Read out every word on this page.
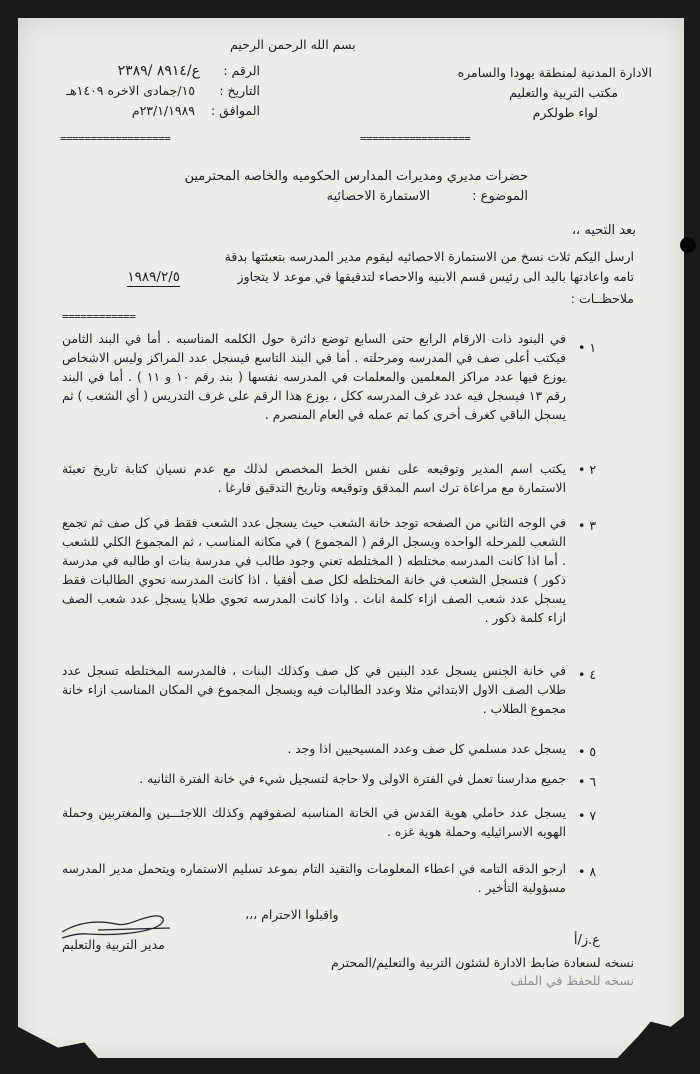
بسم الله الرحمن الرحيم
الادارة المدنية لمنطقة يهودا والسامره
مكتب التربية والتعليم
لواء طولكرم
الرقم :
ع/٨٩١٤ /٢٣٨٩
التاريخ :
١٥/جمادى الاخره ١٤٠٩هـ
الموافق :
٢٣/١/١٩٨٩م
==================	==================
حضرات مديري ومديرات المدارس الحكوميه والخاصه المحترمين
الموضوع :
الاستمارة الاحصائيه
بعد التحيه ،،
ارسل اليكم ثلاث نسخ من الاستمارة الاحصائيه ليقوم مدير المدرسه بتعبئتها بدقة
تامه واعادتها باليد الى رئيس قسم الابنيه والاحصاء لتدقيقها في موعد لا يتجاوز
١٩٨٩/٢/٥
ملاحظــات :
============
١ •
في البنود ذات الارقام الرابع حتى السابع توضع دائرة حول الكلمه المناسبه . أما في البند الثامن فيكتب أعلى صف في المدرسه ومرحلته . أما في البند التاسع فيسجل عدد المراكز وليس الاشخاص يوزع فيها عدد مراكز المعلمين والمعلمات في المدرسه نفسها ( بند رقم ١٠ و ١١ ) . أما في البند رقم ١٣ فيسجل فيه عدد غرف المدرسه ككل ، يوزع هذا الرقم على غرف التدريس ( أي الشعب ) ثم يسجل الباقي كغرف أخرى كما تم عمله في العام المنصرم .
٢ •
يكتب اسم المدير وتوقيعه على نفس الخط المخصص لذلك مع عدم نسيان كتابة تاريخ تعبئة الاستمارة مع مراعاة ترك اسم المدقق وتوقيعه وتاريخ التدقيق فارغا .
٣ •
في الوجه الثاني من الصفحه توجد خانة الشعب حيث يسجل عدد الشعب فقط في كل صف ثم تجمع الشعب للمرحله الواحده ويسجل الرقم ( المجموع ) في مكانه المناسب ، ثم المجموع الكلي للشعب . أما اذا كانت المدرسه مختلطه ( المختلطه تعني وجود طالب في مدرسة بنات او طالبه في مدرسة ذكور ) فتسجل الشعب في خانة المختلطه لكل صف أفقيا . اذا كانت المدرسه تحوي الطالبات فقط يسجل عدد شعب الصف ازاء كلمة اناث . واذا كانت المدرسه تحوي طلابا يسجل عدد شعب الصف ازاء كلمة ذكور .
٤ •
في خانة الجنس يسجل عدد البنين في كل صف وكذلك البنات ، فالمدرسه المختلطه تسجل عدد طلاب الصف الاول الابتدائي مثلا وعدد الطالبات فيه ويسجل المجموع في المكان المناسب ازاء خانة مجموع الطلاب .
٥ •
يسجل عدد مسلمي كل صف وعدد المسيحيين اذا وجد .
٦ •
جميع مدارسنا تعمل في الفترة الاولى ولا حاجة لتسجيل شيء في خانة الفترة الثانيه .
٧ •
يسجل عدد حاملي هوية القدس في الخانة المناسبه لصفوفهم وكذلك اللاجئـــين والمغتربين وحملة الهويه الاسرائيليه وحملة هوية غزه .
٨ •
ارجو الدقه التامه في اعطاء المعلومات والتقيد التام بموعد تسليم الاستماره ويتحمل مدير المدرسه مسؤولية التأخير .
واقبلوا الاحترام ،،،
مدير التربية والتعليم	ع.ز/أ
نسخه لسعادة ضابط الادارة لشئون التربية والتعليم/المحترم
نسخه للحفظ في الملف
